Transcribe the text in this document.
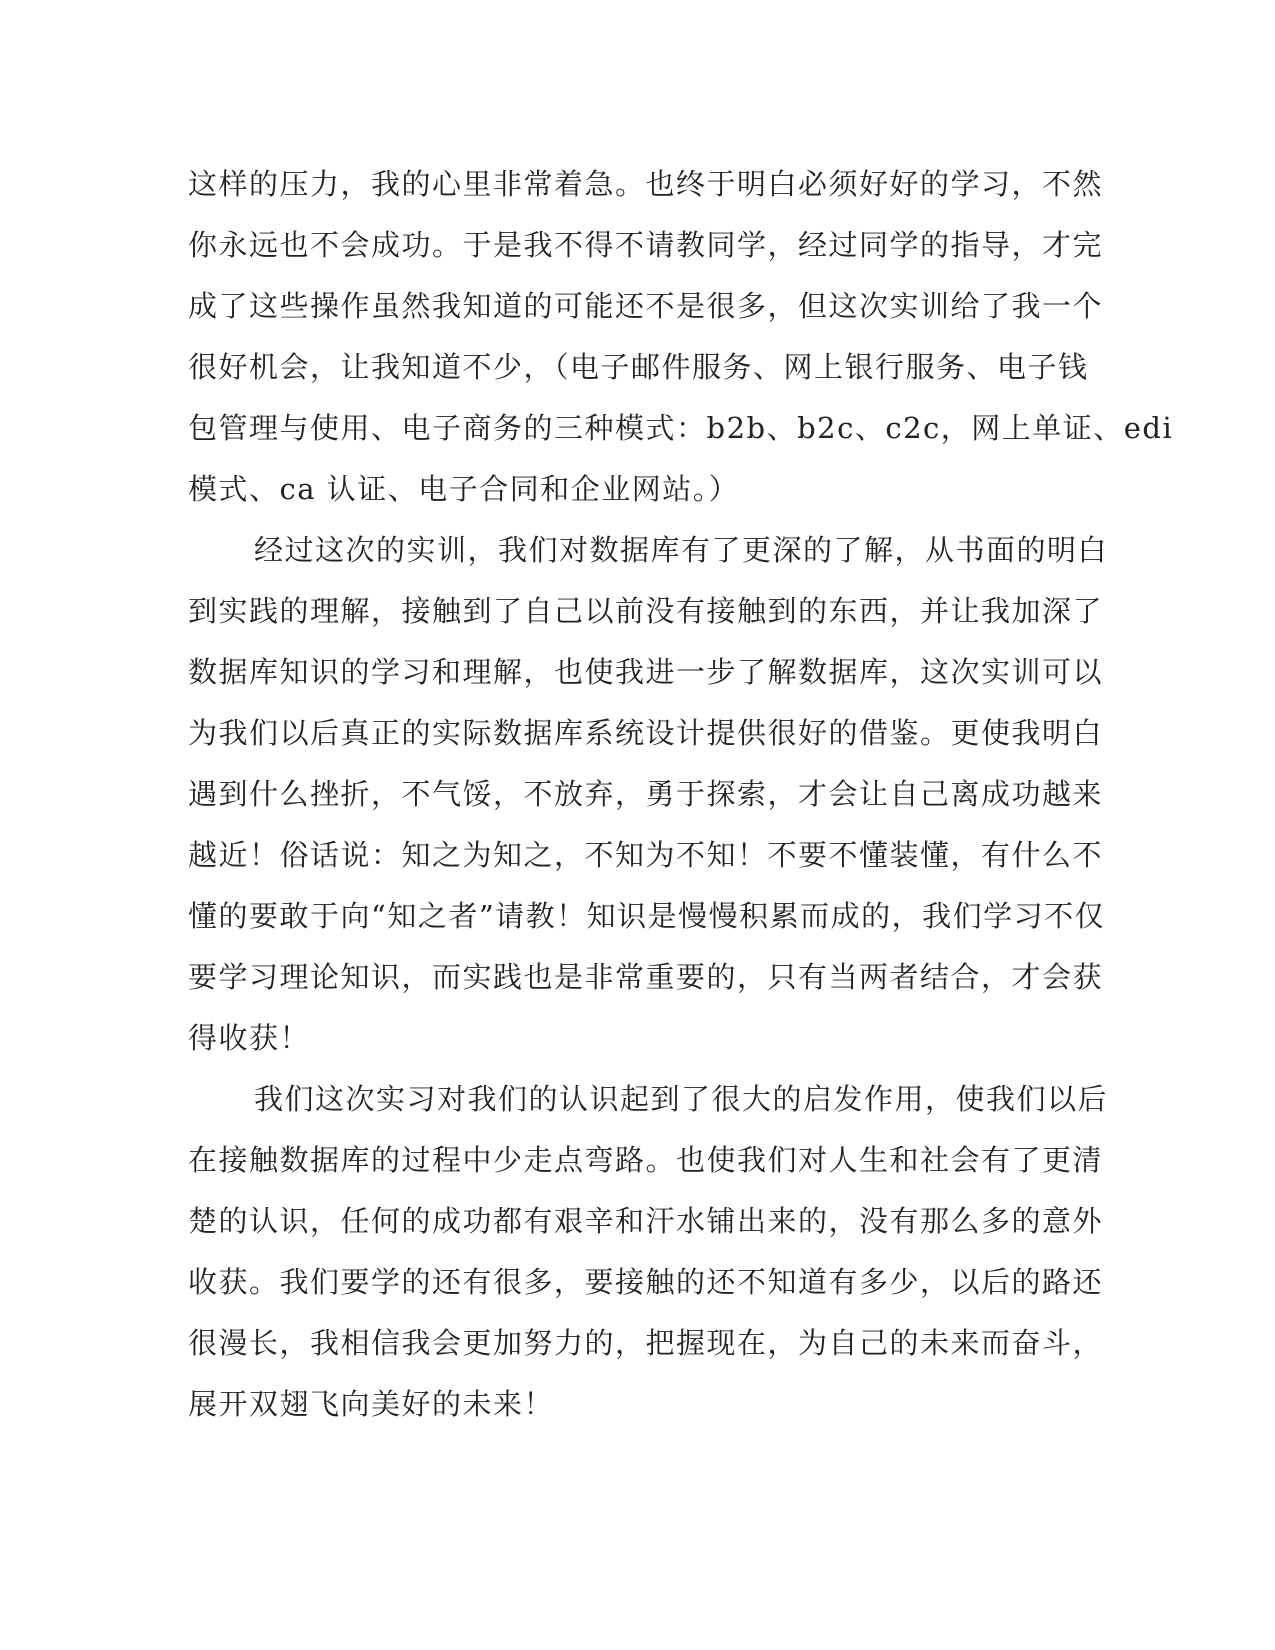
这样的压力，我的心里非常着急。也终于明白必须好好的学习，不然
你永远也不会成功。于是我不得不请教同学，经过同学的指导，才完
成了这些操作虽然我知道的可能还不是很多，但这次实训给了我一个
很好机会，让我知道不少，（电子邮件服务、网上银行服务、电子钱
包管理与使用、电子商务的三种模式：b2b、b2c、c2c，网上单证、edi
模式、ca 认证、电子合同和企业网站。）
经过这次的实训，我们对数据库有了更深的了解，从书面的明白
到实践的理解，接触到了自己以前没有接触到的东西，并让我加深了
数据库知识的学习和理解，也使我进一步了解数据库，这次实训可以
为我们以后真正的实际数据库系统设计提供很好的借鉴。更使我明白
遇到什么挫折，不气馁，不放弃，勇于探索，才会让自己离成功越来
越近！俗话说：知之为知之，不知为不知！不要不懂装懂，有什么不
懂的要敢于向“知之者”请教！知识是慢慢积累而成的，我们学习不仅
要学习理论知识，而实践也是非常重要的，只有当两者结合，才会获
得收获！
我们这次实习对我们的认识起到了很大的启发作用，使我们以后
在接触数据库的过程中少走点弯路。也使我们对人生和社会有了更清
楚的认识，任何的成功都有艰辛和汗水铺出来的，没有那么多的意外
收获。我们要学的还有很多，要接触的还不知道有多少，以后的路还
很漫长，我相信我会更加努力的，把握现在，为自己的未来而奋斗，
展开双翅飞向美好的未来！
